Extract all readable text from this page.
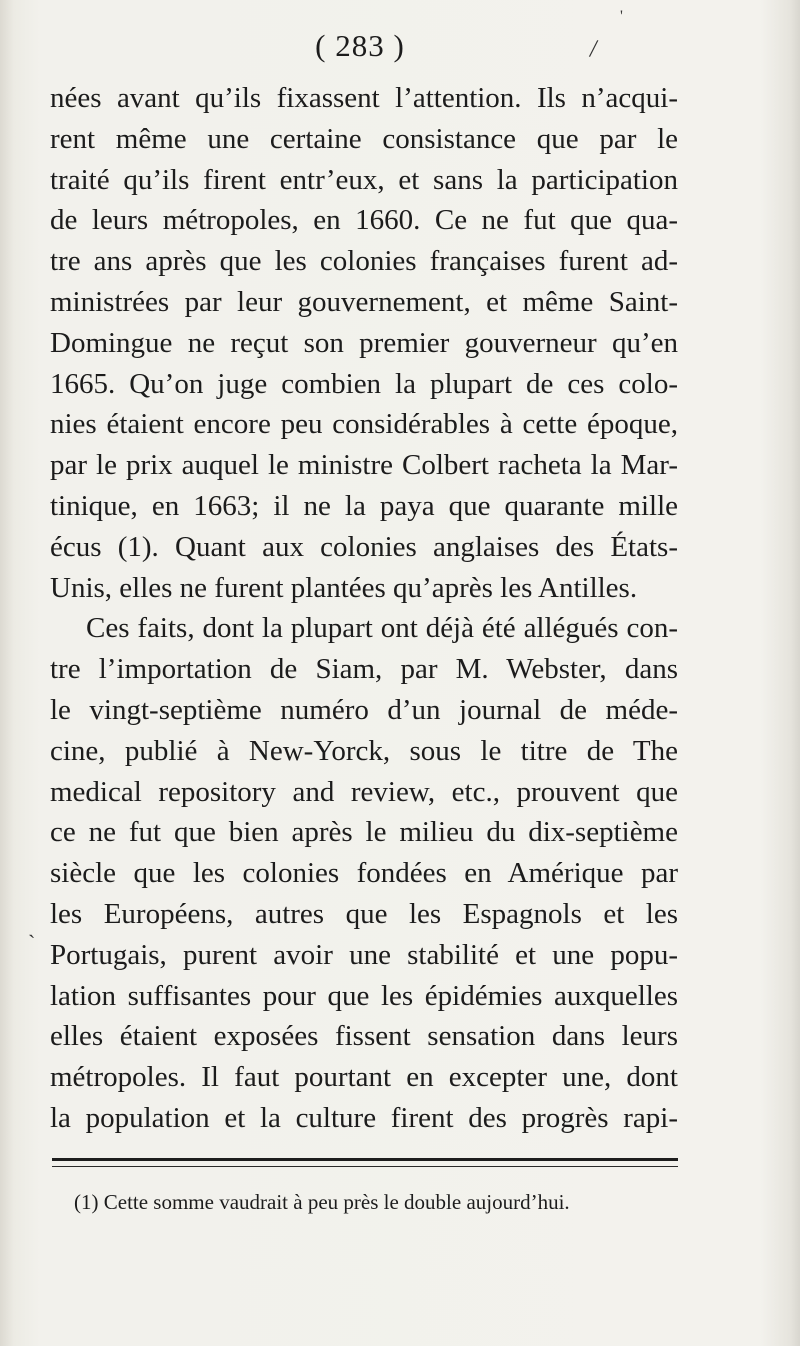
'
/
`
( 283 )
nées avant qu’ils fixassent l’attention. Ils n’acqui-
rent même une certaine consistance que par le
traité qu’ils firent entr’eux, et sans la participation
de leurs métropoles, en 1660. Ce ne fut que qua-
tre ans après que les colonies françaises furent ad-
ministrées par leur gouvernement, et même Saint-
Domingue ne reçut son premier gouverneur qu’en
1665. Qu’on juge combien la plupart de ces colo-
nies étaient encore peu considérables à cette époque,
par le prix auquel le ministre Colbert racheta la Mar-
tinique, en 1663; il ne la paya que quarante mille
écus (1). Quant aux colonies anglaises des États-
Unis, elles ne furent plantées qu’après les Antilles.
Ces faits, dont la plupart ont déjà été allégués con-
tre l’importation de Siam, par M. Webster, dans
le vingt-septième numéro d’un journal de méde-
cine, publié à New-Yorck, sous le titre de The
medical repository and review, etc., prouvent que
ce ne fut que bien après le milieu du dix-septième
siècle que les colonies fondées en Amérique par
les Européens, autres que les Espagnols et les
Portugais, purent avoir une stabilité et une popu-
lation suffisantes pour que les épidémies auxquelles
elles étaient exposées fissent sensation dans leurs
métropoles. Il faut pourtant en excepter une, dont
la population et la culture firent des progrès rapi-
(1) Cette somme vaudrait à peu près le double aujourd’hui.
